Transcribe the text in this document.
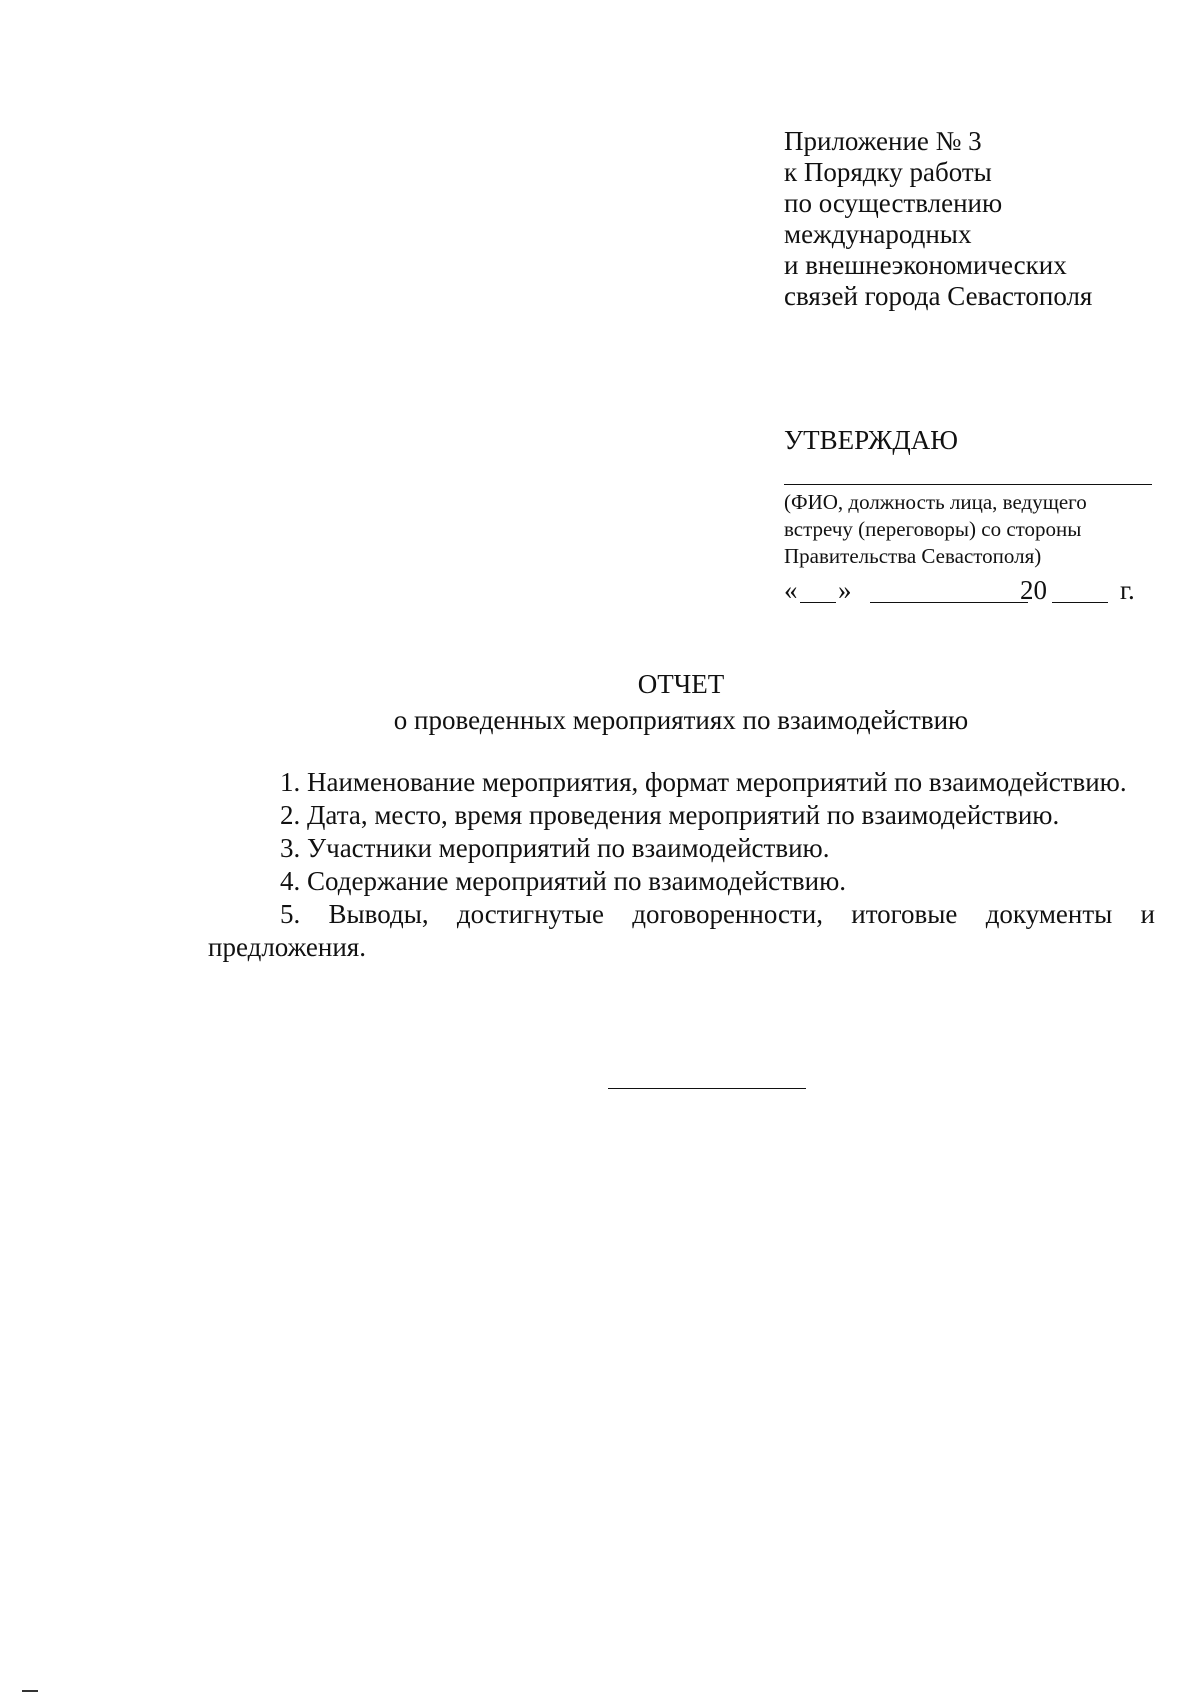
Приложение № 3
к Порядку работы
по осуществлению
международных
и внешнеэкономических
связей города Севастополя
УТВЕРЖДАЮ
(ФИО, должность лица, ведущего
встречу (переговоры) со стороны
Правительства Севастополя)
« »	20	г.
ОТЧЕТ
о проведенных мероприятиях по взаимодействию

1. Наименование мероприятия, формат мероприятий по взаимодействию.

2. Дата, место, время проведения мероприятий по взаимодействию.

3. Участники мероприятий по взаимодействию.

4. Содержание мероприятий по взаимодействию.

5. Выводы, достигнутые договоренности, итоговые документы и предложения.
